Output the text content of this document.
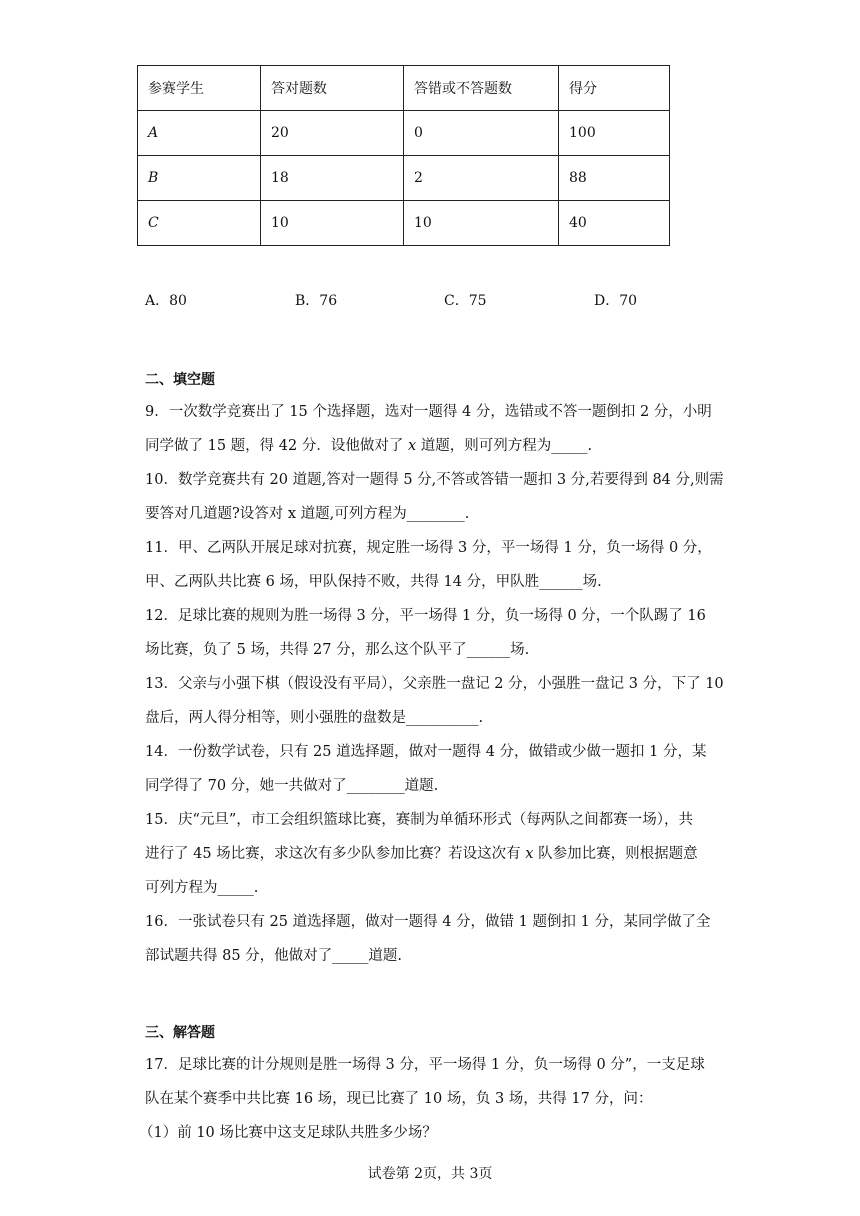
参赛学生	答对题数	答错或不答题数	得分
A	20	0	100
B	18	2	88
C	10	10	40
A．80	B．76	C．75	D．70
二、填空题
9．一次数学竞赛出了 15 个选择题，选对一题得 4 分，选错或不答一题倒扣 2 分，小明
同学做了 15 题，得 42 分．设他做对了 x 道题，则可列方程为_____.
10．数学竞赛共有 20 道题,答对一题得 5 分,不答或答错一题扣 3 分,若要得到 84 分,则需
要答对几道题?设答对 x 道题,可列方程为________.
11．甲、乙两队开展足球对抗赛，规定胜一场得 3 分，平一场得 1 分，负一场得 0 分，
甲、乙两队共比赛 6 场，甲队保持不败，共得 14 分，甲队胜______场.
12．足球比赛的规则为胜一场得 3 分，平一场得 1 分，负一场得 0 分，一个队踢了 16
场比赛，负了 5 场，共得 27 分，那么这个队平了______场.
13．父亲与小强下棋（假设没有平局），父亲胜一盘记 2 分，小强胜一盘记 3 分，下了 10
盘后，两人得分相等，则小强胜的盘数是__________.
14．一份数学试卷，只有 25 道选择题，做对一题得 4 分，做错或少做一题扣 1 分，某
同学得了 70 分，她一共做对了________道题.
15．庆“元旦”，市工会组织篮球比赛，赛制为单循环形式（每两队之间都赛一场），共
进行了 45 场比赛，求这次有多少队参加比赛？若设这次有 x 队参加比赛，则根据题意
可列方程为_____.
16．一张试卷只有 25 道选择题，做对一题得 4 分，做错 1 题倒扣 1 分，某同学做了全
部试题共得 85 分，他做对了_____道题.
三、解答题
17．足球比赛的计分规则是胜一场得 3 分，平一场得 1 分，负一场得 0 分”，一支足球
队在某个赛季中共比赛 16 场，现已比赛了 10 场，负 3 场，共得 17 分，问：
（1）前 10 场比赛中这支足球队共胜多少场？
试卷第 2页，共 3页
